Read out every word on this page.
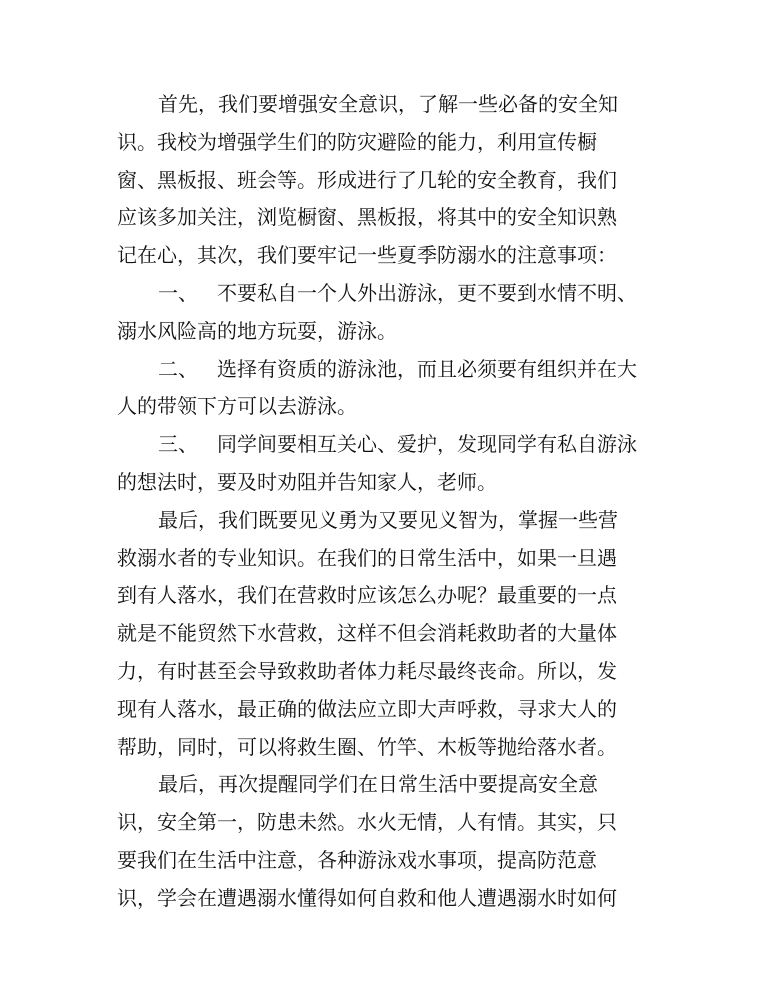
首先，我们要增强安全意识，了解一些必备的安全知
识。我校为增强学生们的防灾避险的能力，利用宣传橱
窗、黑板报、班会等。形成进行了几轮的安全教育，我们
应该多加关注，浏览橱窗、黑板报，将其中的安全知识熟
记在心，其次，我们要牢记一些夏季防溺水的注意事项：
一、 不要私自一个人外出游泳，更不要到水情不明、
溺水风险高的地方玩耍，游泳。
二、 选择有资质的游泳池，而且必须要有组织并在大
人的带领下方可以去游泳。
三、 同学间要相互关心、爱护，发现同学有私自游泳
的想法时，要及时劝阻并告知家人，老师。
最后，我们既要见义勇为又要见义智为，掌握一些营
救溺水者的专业知识。在我们的日常生活中，如果一旦遇
到有人落水，我们在营救时应该怎么办呢？最重要的一点
就是不能贸然下水营救，这样不但会消耗救助者的大量体
力，有时甚至会导致救助者体力耗尽最终丧命。所以，发
现有人落水，最正确的做法应立即大声呼救，寻求大人的
帮助，同时，可以将救生圈、竹竿、木板等抛给落水者。
最后，再次提醒同学们在日常生活中要提高安全意
识，安全第一，防患未然。水火无情，人有情。其实，只
要我们在生活中注意，各种游泳戏水事项，提高防范意
识，学会在遭遇溺水懂得如何自救和他人遭遇溺水时如何
